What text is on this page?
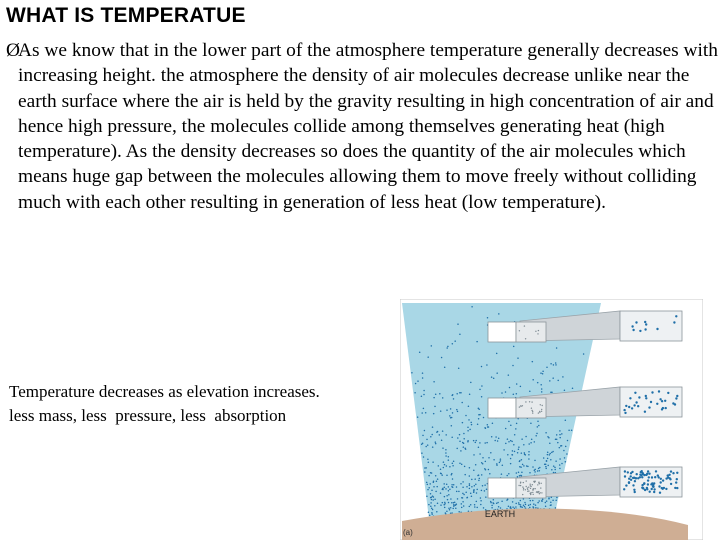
WHAT IS TEMPERATUE

ØAs we know that in the lower part of the atmosphere temperature generally decreases with increasing height. the atmosphere the density of air molecules decrease unlike near the earth surface where the air is held by the gravity resulting in high concentration of air and hence high pressure, the molecules collide among themselves generating heat (high temperature). As the density decreases so does the quantity of the air molecules which means huge gap between the molecules allowing them to move freely without colliding much with each other resulting in generation of less heat (low temperature).

Temperature decreases as elevation increases.
less mass, less  pressure, less  absorption
EARTH
(a)
